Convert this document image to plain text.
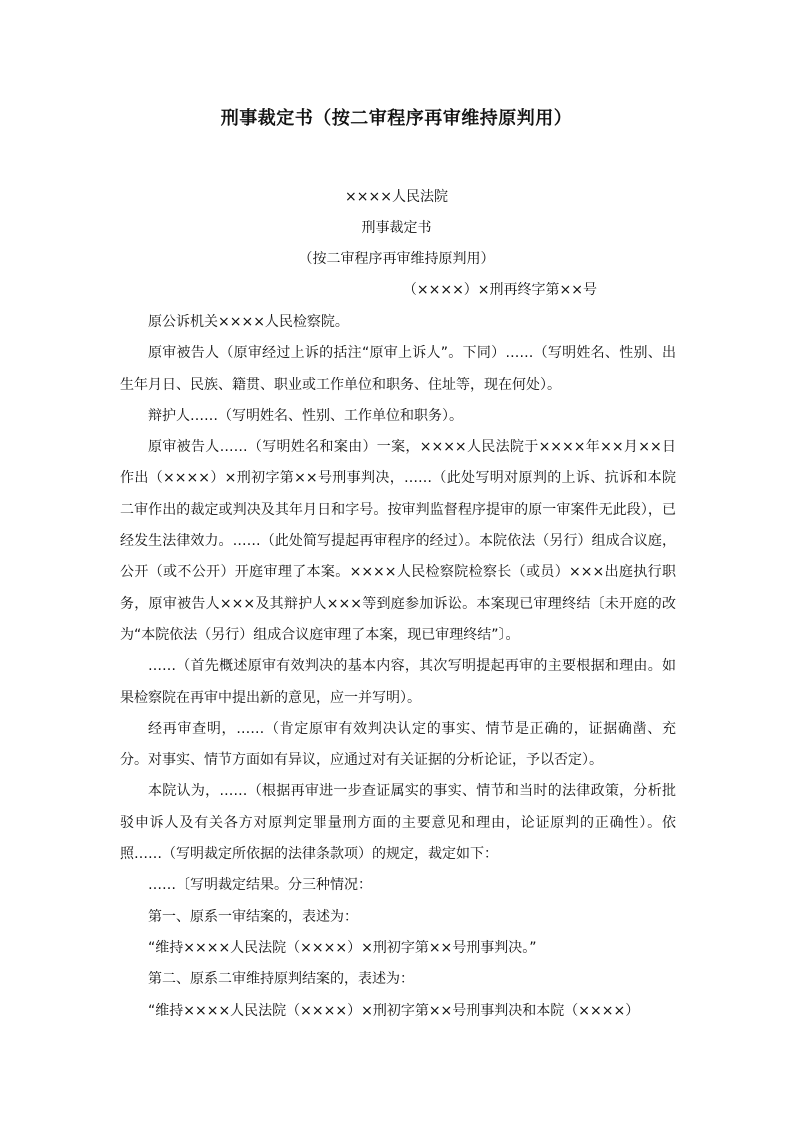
刑事裁定书（按二审程序再审维持原判用）
××××人民法院
刑事裁定书
（按二审程序再审维持原判用）
（××××）×刑再终字第××号

原公诉机关××××人民检察院。

原审被告人（原审经过上诉的括注“原审上诉人”。下同）……（写明姓名、性别、出生年月日、民族、籍贯、职业或工作单位和职务、住址等，现在何处）。

辩护人……（写明姓名、性别、工作单位和职务）。

原审被告人……（写明姓名和案由）一案，××××人民法院于××××年××月××日作出（××××）×刑初字第××号刑事判决，……（此处写明对原判的上诉、抗诉和本院二审作出的裁定或判决及其年月日和字号。按审判监督程序提审的原一审案件无此段），已经发生法律效力。……（此处简写提起再审程序的经过）。本院依法（另行）组成合议庭，公开（或不公开）开庭审理了本案。××××人民检察院检察长（或员）×××出庭执行职务，原审被告人×××及其辩护人×××等到庭参加诉讼。本案现已审理终结〔未开庭的改为“本院依法（另行）组成合议庭审理了本案，现已审理终结”〕。

……（首先概述原审有效判决的基本内容，其次写明提起再审的主要根据和理由。如果检察院在再审中提出新的意见，应一并写明）。

经再审查明，……（肯定原审有效判决认定的事实、情节是正确的，证据确凿、充分。对事实、情节方面如有异议，应通过对有关证据的分析论证，予以否定）。

本院认为，……（根据再审进一步查证属实的事实、情节和当时的法律政策，分析批驳申诉人及有关各方对原判定罪量刑方面的主要意见和理由，论证原判的正确性）。依照……（写明裁定所依据的法律条款项）的规定，裁定如下：

……〔写明裁定结果。分三种情况：

第一、原系一审结案的，表述为：

“维持××××人民法院（××××）×刑初字第××号刑事判决。”

第二、原系二审维持原判结案的，表述为：

“维持××××人民法院（××××）×刑初字第××号刑事判决和本院（××××）
